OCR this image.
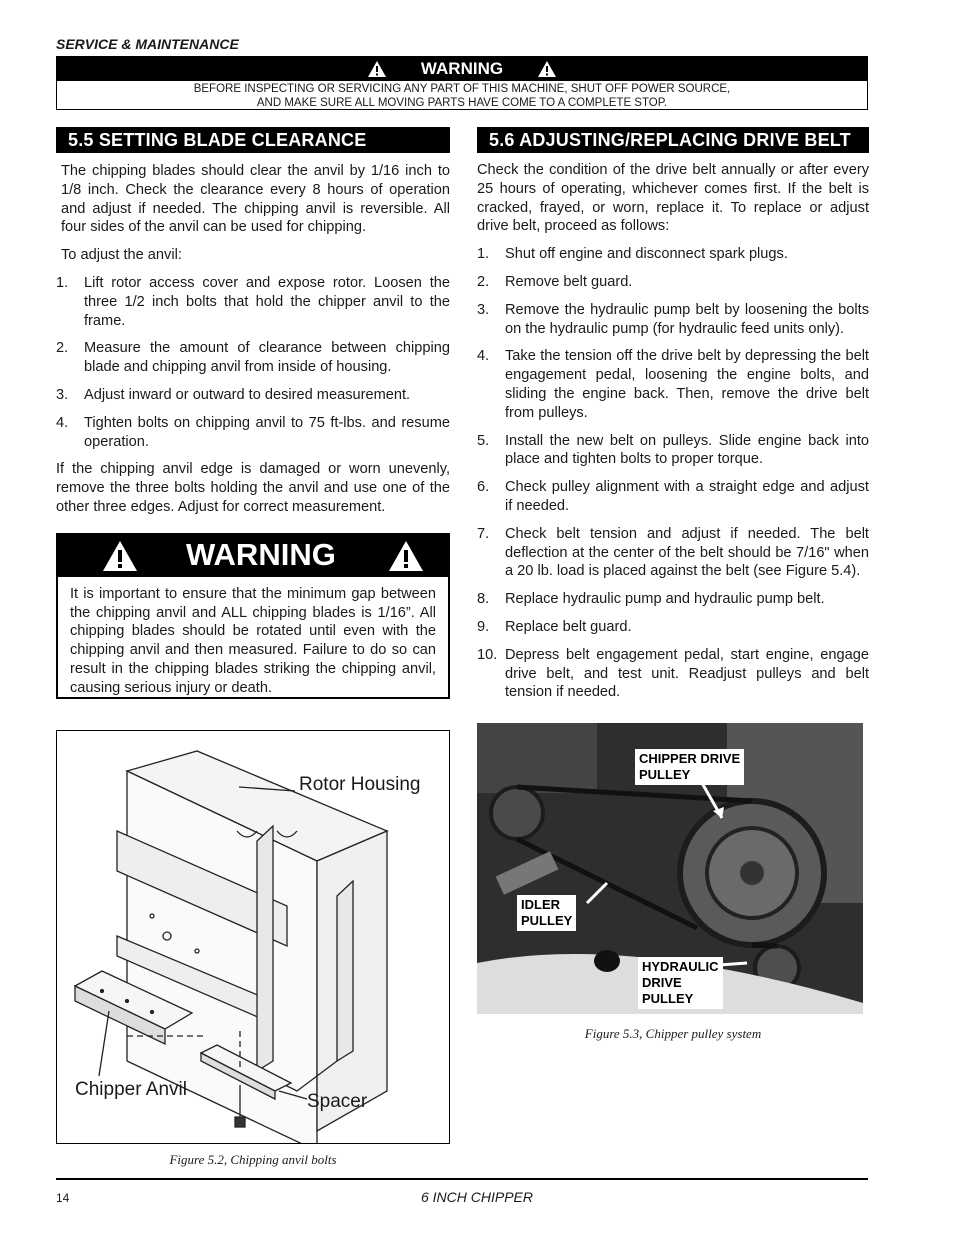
SERVICE & MAINTENANCE
WARNING
BEFORE INSPECTING OR SERVICING ANY PART OF THIS MACHINE, SHUT OFF POWER SOURCE,
AND MAKE SURE ALL MOVING PARTS HAVE COME TO A COMPLETE STOP.
5.5 SETTING BLADE CLEARANCE

The chipping blades should clear the anvil by 1/16 inch to 1/8 inch. Check the clearance every 8 hours of operation and adjust if needed. The chipping anvil is reversible. All four sides of the anvil can be used for chipping.

To adjust the anvil:

1. Lift rotor access cover and expose rotor. Loosen the three 1/2 inch bolts that hold the chipper anvil to the frame.
2. Measure the amount of clearance between chipping blade and chipping anvil from inside of housing.
3. Adjust inward or outward to desired measurement.
4. Tighten bolts on chipping anvil to 75 ft-lbs. and resume operation.

If the chipping anvil edge is damaged or worn unevenly, remove the three bolts holding the anvil and use one of the other three edges. Adjust for correct measurement.

WARNING
It is important to ensure that the minimum gap between the chipping anvil and ALL chipping blades is 1/16”. All chipping blades should be rotated until even with the chipping anvil and then measured. Failure to do so can result in the chipping blades striking the chipping anvil, causing serious injury or death.
Rotor Housing
Chipper Anvil
Spacer
Figure 5.2, Chipping anvil bolts
5.6 ADJUSTING/REPLACING DRIVE BELT

Check the condition of the drive belt annually or after every 25 hours of operating, whichever comes first. If the belt is cracked, frayed, or worn, replace it. To replace or adjust drive belt, proceed as follows:

1. Shut off engine and disconnect spark plugs.
2. Remove belt guard.
3. Remove the hydraulic pump belt by loosening the bolts on the hydraulic pump (for hydraulic feed units only).
4. Take the tension off the drive belt by depressing the belt engagement pedal, loosening the engine bolts, and sliding the engine back. Then, remove the drive belt from pulleys.
5. Install the new belt on pulleys. Slide engine back into place and tighten bolts to proper torque.
6. Check pulley alignment with a straight edge and adjust if needed.
7. Check belt tension and adjust if needed. The belt deflection at the center of the belt should be 7/16" when a 20 lb. load is placed against the belt (see Figure 5.4).
8. Replace hydraulic pump and hydraulic pump belt.
9. Replace belt guard.
10. Depress belt engagement pedal, start engine, engage drive belt, and test unit. Readjust pulleys and belt tension if needed.
CHIPPER DRIVE
PULLEY
IDLER
PULLEY
HYDRAULIC
DRIVE
PULLEY
Figure 5.3, Chipper pulley system
14	6 INCH CHIPPER
